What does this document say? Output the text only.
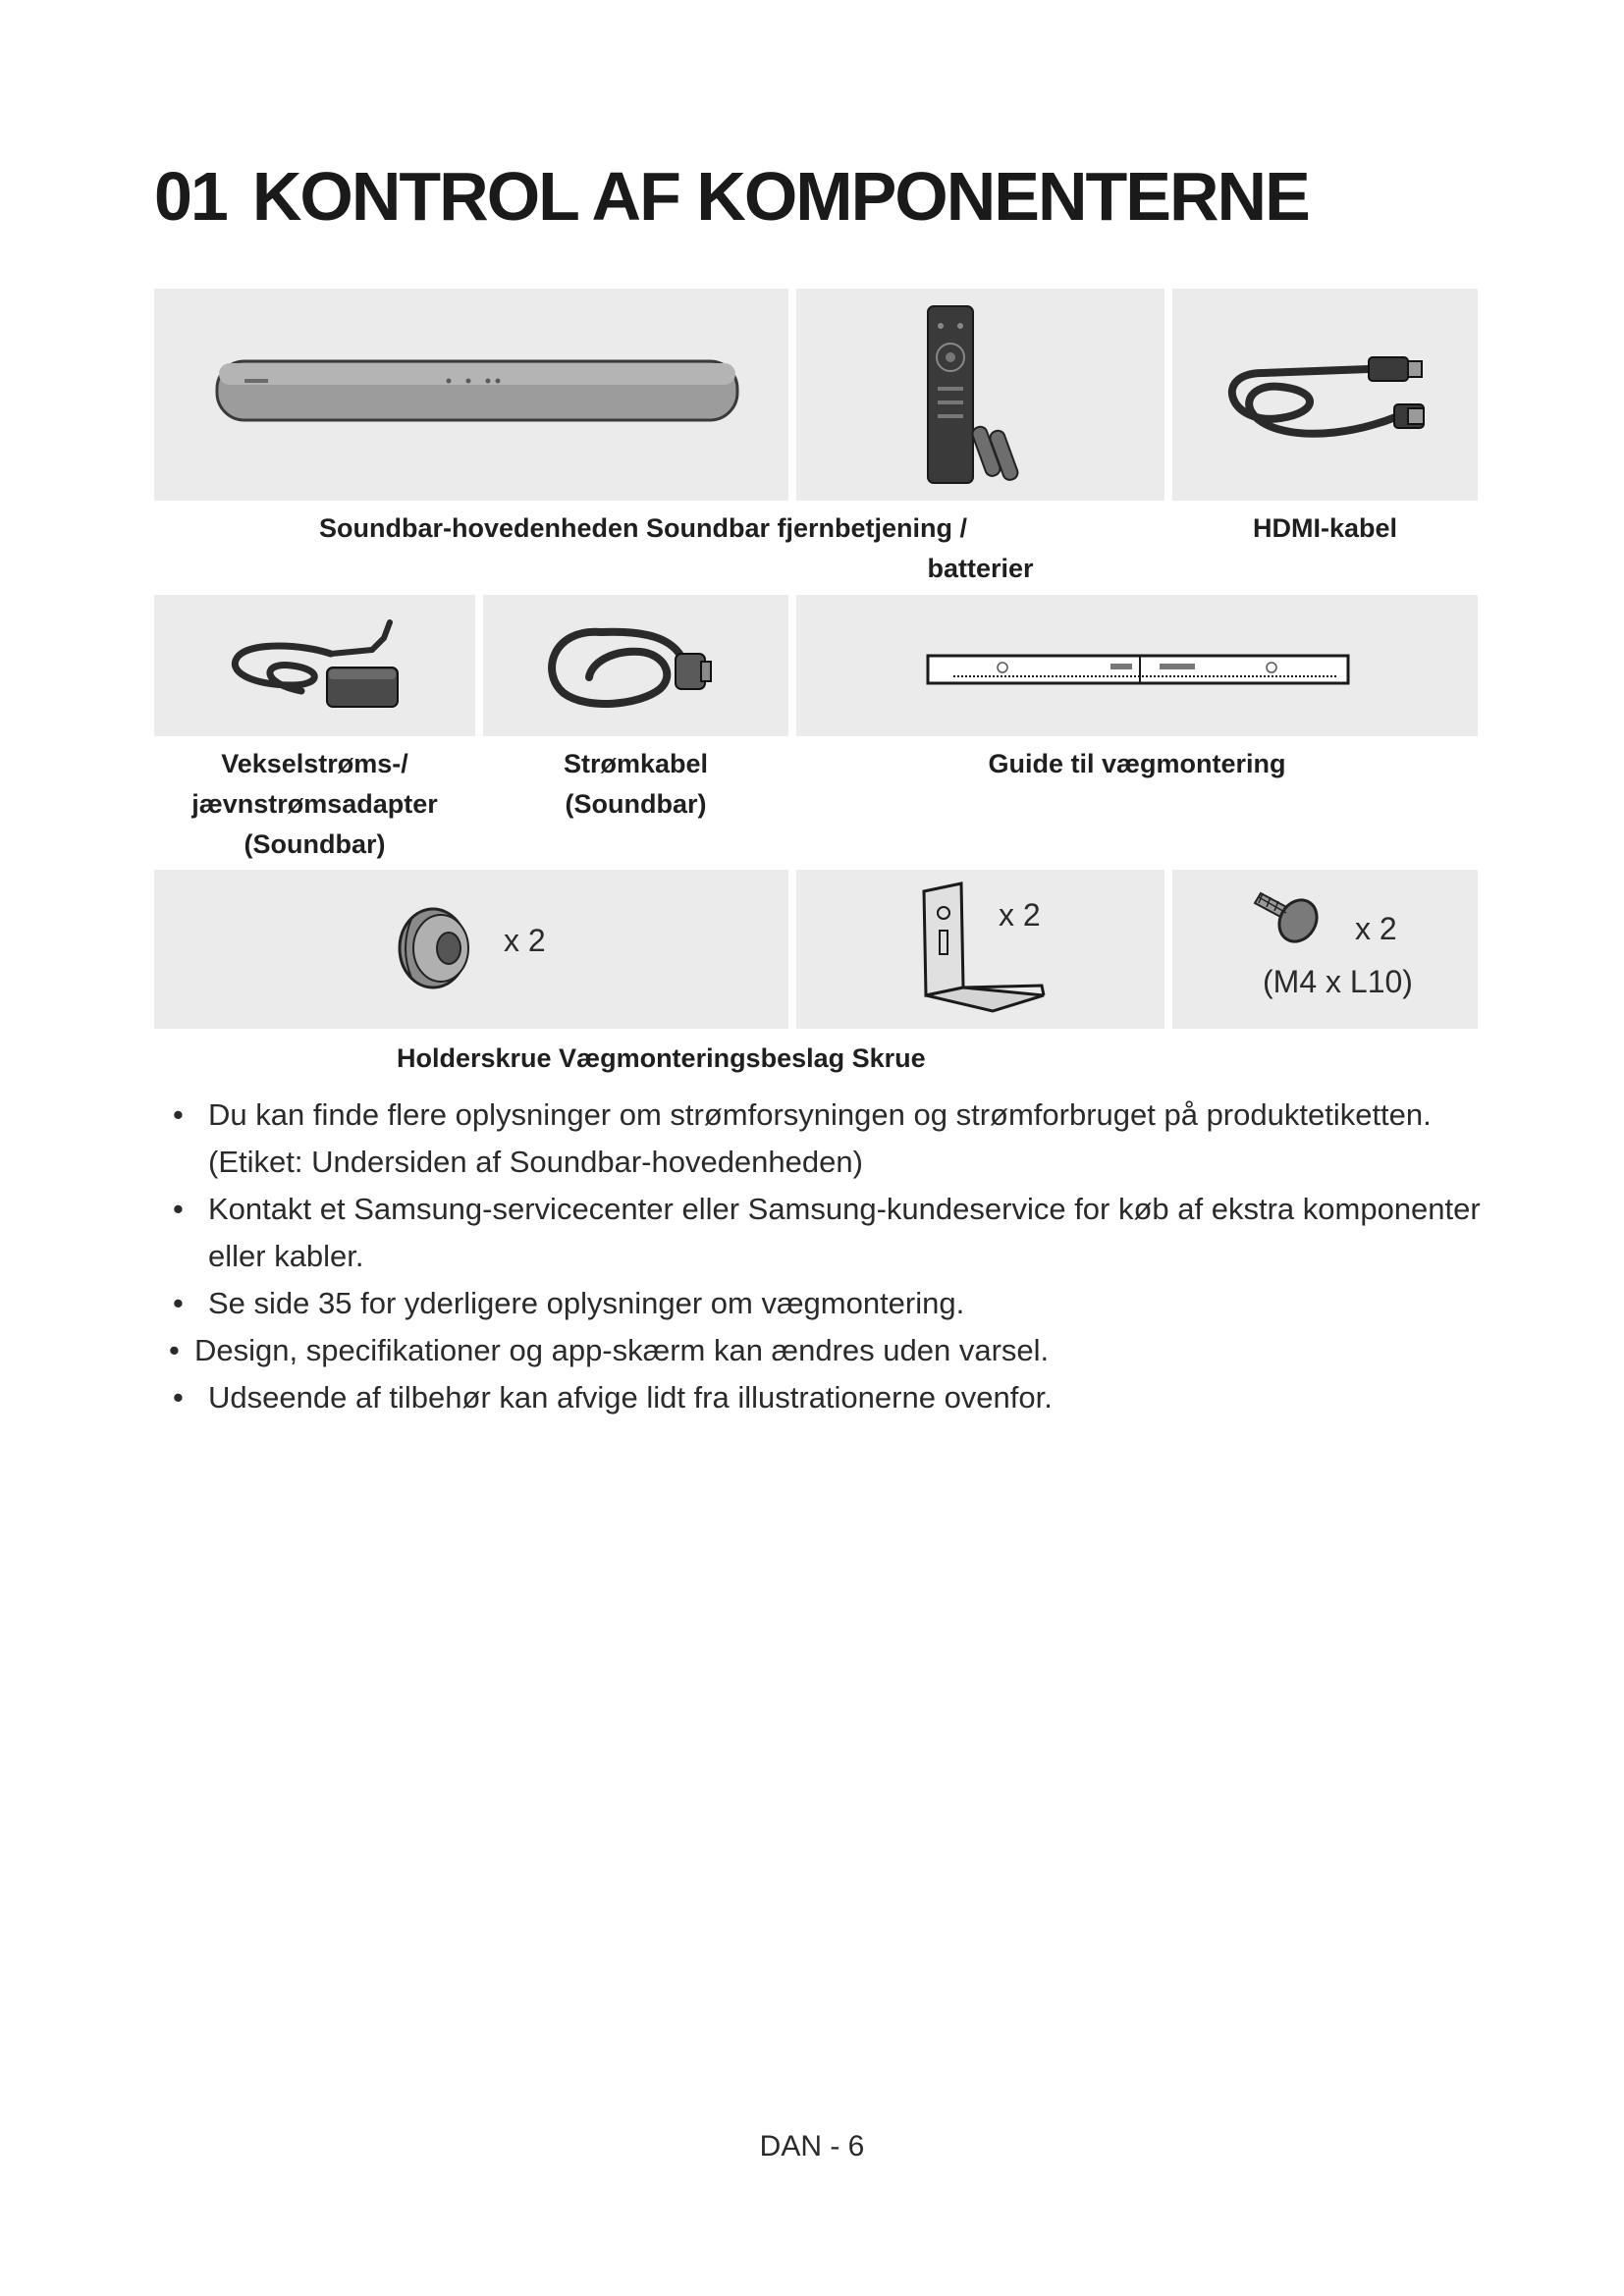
01 KONTROL AF KOMPONENTERNE
Soundbar-hovedenheden Soundbar fjernbetjening /
batterier
HDMI-kabel
Vekselstrøms-/
jævnstrømsadapter
(Soundbar)
Strømkabel
(Soundbar)
Guide til vægmontering
x 2
x 2	x 2
(M4 x L10)
Holderskrue Vægmonteringsbeslag Skrue
• Du kan finde flere oplysninger om strømforsyningen og strømforbruget på produktetiketten.
(Etiket: Undersiden af Soundbar-hovedenheden)
• Kontakt et Samsung-servicecenter eller Samsung-kundeservice for køb af ekstra komponenter
eller kabler.
• Se side 35 for yderligere oplysninger om vægmontering.
• Design, specifikationer og app-skærm kan ændres uden varsel.
• Udseende af tilbehør kan afvige lidt fra illustrationerne ovenfor.
DAN - 6
